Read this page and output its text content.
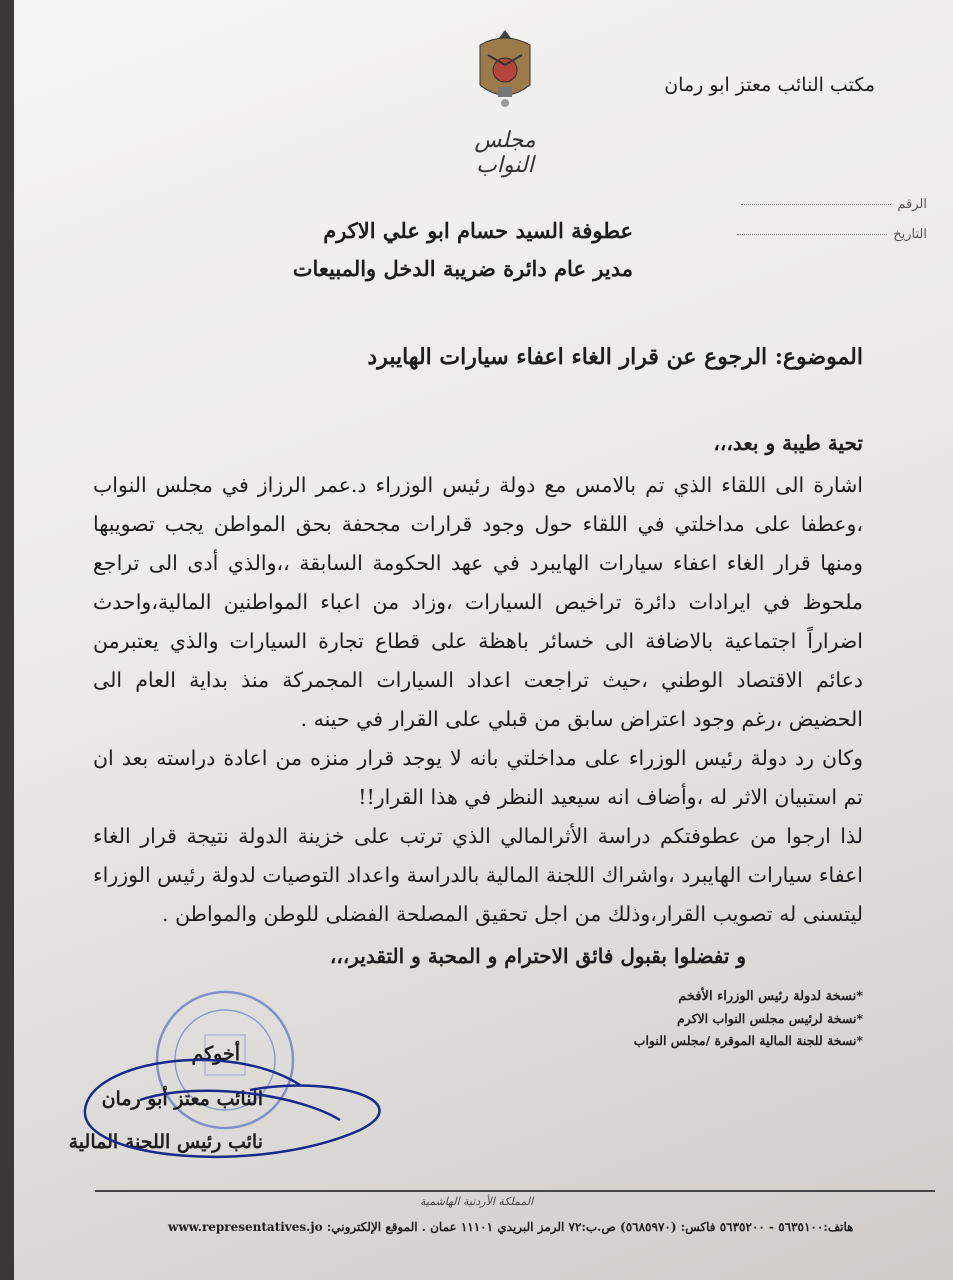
مكتب النائب معتز ابو رمان
مجلس النواب
الرقم
التاريخ
عطوفة السيد حسام ابو علي الاكرم
مدير عام دائرة ضريبة الدخل والمبيعات
الموضوع: الرجوع عن قرار الغاء اعفاء سيارات الهايبرد
تحية طيبة و بعد،،،

اشارة الى اللقاء الذي تم بالامس مع دولة رئيس الوزراء د.عمر الرزاز في مجلس النواب ،وعطفا على مداخلتي في اللقاء حول وجود قرارات مجحفة بحق المواطن يجب تصويبها ومنها قرار الغاء اعفاء سيارات الهايبرد في عهد الحكومة السابقة ،،والذي أدى الى تراجع ملحوظ في ايرادات دائرة تراخيص السيارات ،وزاد من اعباء المواطنين المالية،واحدث اضراراً اجتماعية بالاضافة الى خسائر باهظة على قطاع تجارة السيارات والذي يعتبرمن دعائم الاقتصاد الوطني ،حيث تراجعت اعداد السيارات المجمركة منذ بداية العام الى الحضيض ،رغم وجود اعتراض سابق من قبلي على القرار في حينه .

وكان رد دولة رئيس الوزراء على مداخلتي بانه لا يوجد قرار منزه من اعادة دراسته بعد ان تم استبيان الاثر له ،وأضاف انه سيعيد النظر في هذا القرار!!

لذا ارجوا من عطوفتكم دراسة الأثرالمالي الذي ترتب على خزينة الدولة نتيجة قرار الغاء اعفاء سيارات الهايبرد ،واشراك اللجنة المالية بالدراسة واعداد التوصيات لدولة رئيس الوزراء ليتسنى له تصويب القرار،وذلك من اجل تحقيق المصلحة الفضلى للوطن والمواطن .

و تفضلوا بقبول فائق الاحترام و المحبة و التقدير،،،
*نسخة لدولة رئيس الوزراء الأفخم
*نسخة لرئيس مجلس النواب الاكرم
*نسخة للجنة المالية الموقرة /مجلس النواب
أخوكم
النائب معتز أبو رمان
نائب رئيس اللجنة المالية
المملكة الأردنية الهاشمية
هاتف:٥٦٣٥١٠٠ - ٥٦٣٥٢٠٠ فاكس: (٥٦٨٥٩٧٠) ص.ب:٧٢ الرمز البريدي ١١١٠١ عمان . الموقع الإلكتروني: www.representatives.jo
